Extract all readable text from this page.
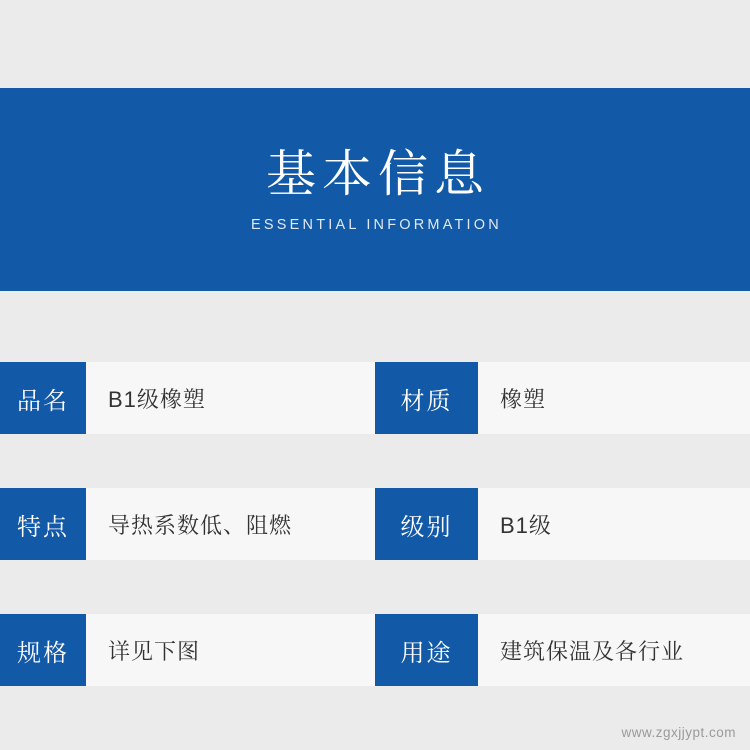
基本信息
ESSENTIAL INFORMATION
品名	B1级橡塑	材质	橡塑
特点	导热系数低、阻燃	级别	B1级
规格	详见下图	用途	建筑保温及各行业
www.zgxjjypt.com
